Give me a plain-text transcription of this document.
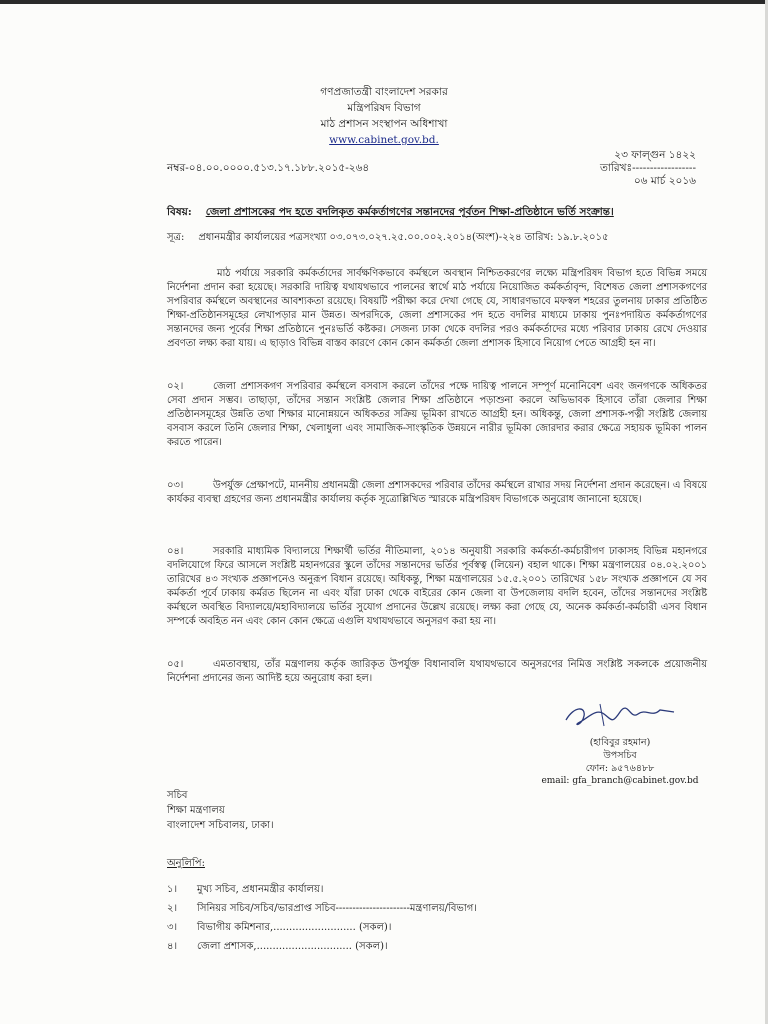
গণপ্রজাতন্ত্রী বাংলাদেশ সরকার
মন্ত্রিপরিষদ বিভাগ
মাঠ প্রশাসন সংস্থাপন অধিশাখা
www.cabinet.gov.bd.
নম্বর-০৪.০০.০০০০.৫১৩.১৭.১৮৮.২০১৫-২৬৪
২৩ ফাল্গুন ১৪২২
তারিখঃ------------------
০৬ মার্চ ২০১৬
বিষয়: জেলা প্রশাসকের পদ হতে বদলিকৃত কর্মকর্তাগণের সন্তানদের পূর্বতন শিক্ষা-প্রতিষ্ঠানে ভর্তি সংক্রান্ত।
সূত্র: প্রধানমন্ত্রীর কার্যালয়ের পত্রসংখ্যা ০৩.০৭৩.০২৭.২৫.০০.০০২.২০১৪(অংশ)-২২৪ তারিখ: ১৯.৮.২০১৫

মাঠ পর্যায়ে সরকারি কর্মকর্তাদের সার্বক্ষণিকভাবে কর্মস্থলে অবস্থান নিশ্চিতকরণের লক্ষ্যে মন্ত্রিপরিষদ বিভাগ হতে বিভিন্ন সময়ে নির্দেশনা প্রদান করা হয়েছে। সরকারি দায়িত্ব যথাযথভাবে পালনের স্বার্থে মাঠ পর্যায়ে নিয়োজিত কর্মকর্তাবৃন্দ, বিশেষত জেলা প্রশাসকগণের সপরিবার কর্মস্থলে অবস্থানের আবশ্যকতা রয়েছে। বিষয়টি পরীক্ষা করে দেখা গেছে যে, সাধারণভাবে মফস্বল শহরের তুলনায় ঢাকার প্রতিষ্ঠিত শিক্ষা-প্রতিষ্ঠানসমূহের লেখাপড়ার মান উন্নত। অপরদিকে, জেলা প্রশাসকের পদ হতে বদলির মাধ্যমে ঢাকায় পুনঃপদায়িত কর্মকর্তাগণের সন্তানদের জন্য পূর্বের শিক্ষা প্রতিষ্ঠানে পুনঃভর্তি কষ্টকর। সেজন্য ঢাকা থেকে বদলির পরও কর্মকর্তাদের মধ্যে পরিবার ঢাকায় রেখে দেওয়ার প্রবণতা লক্ষ্য করা যায়। এ ছাড়াও বিভিন্ন বাস্তব কারণে কোন কোন কর্মকর্তা জেলা প্রশাসক হিসাবে নিয়োগ পেতে আগ্রহী হন না।

০২।	জেলা প্রশাসকগণ সপরিবার কর্মস্থলে বসবাস করলে তাঁদের পক্ষে দায়িত্ব পালনে সম্পূর্ণ মনোনিবেশ এবং জনগণকে অধিকতর সেবা প্রদান সম্ভব। তাছাড়া, তাঁদের সন্তান সংশ্লিষ্ট জেলার শিক্ষা প্রতিষ্ঠানে পড়াশুনা করলে অভিভাবক হিসাবে তাঁরা জেলার শিক্ষা প্রতিষ্ঠানসমূহের উন্নতি তথা শিক্ষার মানোন্নয়নে অধিকতর সক্রিয় ভূমিকা রাখতে আগ্রহী হন। অধিকন্তু, জেলা প্রশাসক-পত্নী সংশ্লিষ্ট জেলায় বসবাস করলে তিনি জেলার শিক্ষা, খেলাধুলা এবং সামাজিক-সাংস্কৃতিক উন্নয়নে নারীর ভূমিকা জোরদার করার ক্ষেত্রে সহায়ক ভূমিকা পালন করতে পারেন।

০৩।	উপর্যুক্ত প্রেক্ষাপটে, মাননীয় প্রধানমন্ত্রী জেলা প্রশাসকদের পরিবার তাঁদের কর্মস্থলে রাখার সদয় নির্দেশনা প্রদান করেছেন। এ বিষয়ে কার্যকর ব্যবস্থা গ্রহণের জন্য প্রধানমন্ত্রীর কার্যালয় কর্তৃক সূত্রোল্লিখিত স্মারকে মন্ত্রিপরিষদ বিভাগকে অনুরোধ জানানো হয়েছে।

০৪।	সরকারি মাধ্যমিক বিদ্যালয়ে শিক্ষার্থী ভর্তির নীতিমালা, ২০১৪ অনুযায়ী সরকারি কর্মকর্তা-কর্মচারীগণ ঢাকাসহ বিভিন্ন মহানগরে বদলিযোগে ফিরে আসলে সংশ্লিষ্ট মহানগরের স্কুলে তাঁদের সন্তানদের ভর্তির পূর্বস্বত্ব (লিয়েন) বহাল থাকে। শিক্ষা মন্ত্রণালয়ের ০৪.০২.২০০১ তারিখের ৪৩ সংখ্যক প্রজ্ঞাপনেও অনুরূপ বিধান রয়েছে। অধিকন্তু, শিক্ষা মন্ত্রণালয়ের ১৫.৫.২০০১ তারিখের ১৫৮ সংখ্যক প্রজ্ঞাপনে যে সব কর্মকর্তা পূর্বে ঢাকায় কর্মরত ছিলেন না এবং যাঁরা ঢাকা থেকে বাইরের কোন জেলা বা উপজেলায় বদলি হবেন, তাঁদের সন্তানদের সংশ্লিষ্ট কর্মস্থলে অবস্থিত বিদ্যালয়ে/মহাবিদ্যালয়ে ভর্তির সুযোগ প্রদানের উল্লেখ রয়েছে। লক্ষ্য করা গেছে যে, অনেক কর্মকর্তা-কর্মচারী এসব বিধান সম্পর্কে অবহিত নন এবং কোন কোন ক্ষেত্রে এগুলি যথাযথভাবে অনুসরণ করা হয় না।

০৫।	এমতাবস্থায়, তাঁর মন্ত্রণালয় কর্তৃক জারিকৃত উপর্যুক্ত বিধানাবলি যথাযথভাবে অনুসরণের নিমিত্ত সংশ্লিষ্ট সকলকে প্রয়োজনীয় নির্দেশনা প্রদানের জন্য আদিষ্ট হয়ে অনুরোধ করা হল।

(হাবিবুর রহমান)
উপসচিব
ফোন: ৯৫৭৬৪৮৮
email: gfa_branch@cabinet.gov.bd
সচিব
শিক্ষা মন্ত্রণালয়
বাংলাদেশ সচিবালয়, ঢাকা।
অনুলিপি:
১। মুখ্য সচিব, প্রধানমন্ত্রীর কার্যালয়।
২। সিনিয়র সচিব/সচিব/ভারপ্রাপ্ত সচিব----------------------মন্ত্রণালয়/বিভাগ।
৩। বিভাগীয় কমিশনার,.......................... (সকল)।
৪। জেলা প্রশাসক,.............................. (সকল)।
